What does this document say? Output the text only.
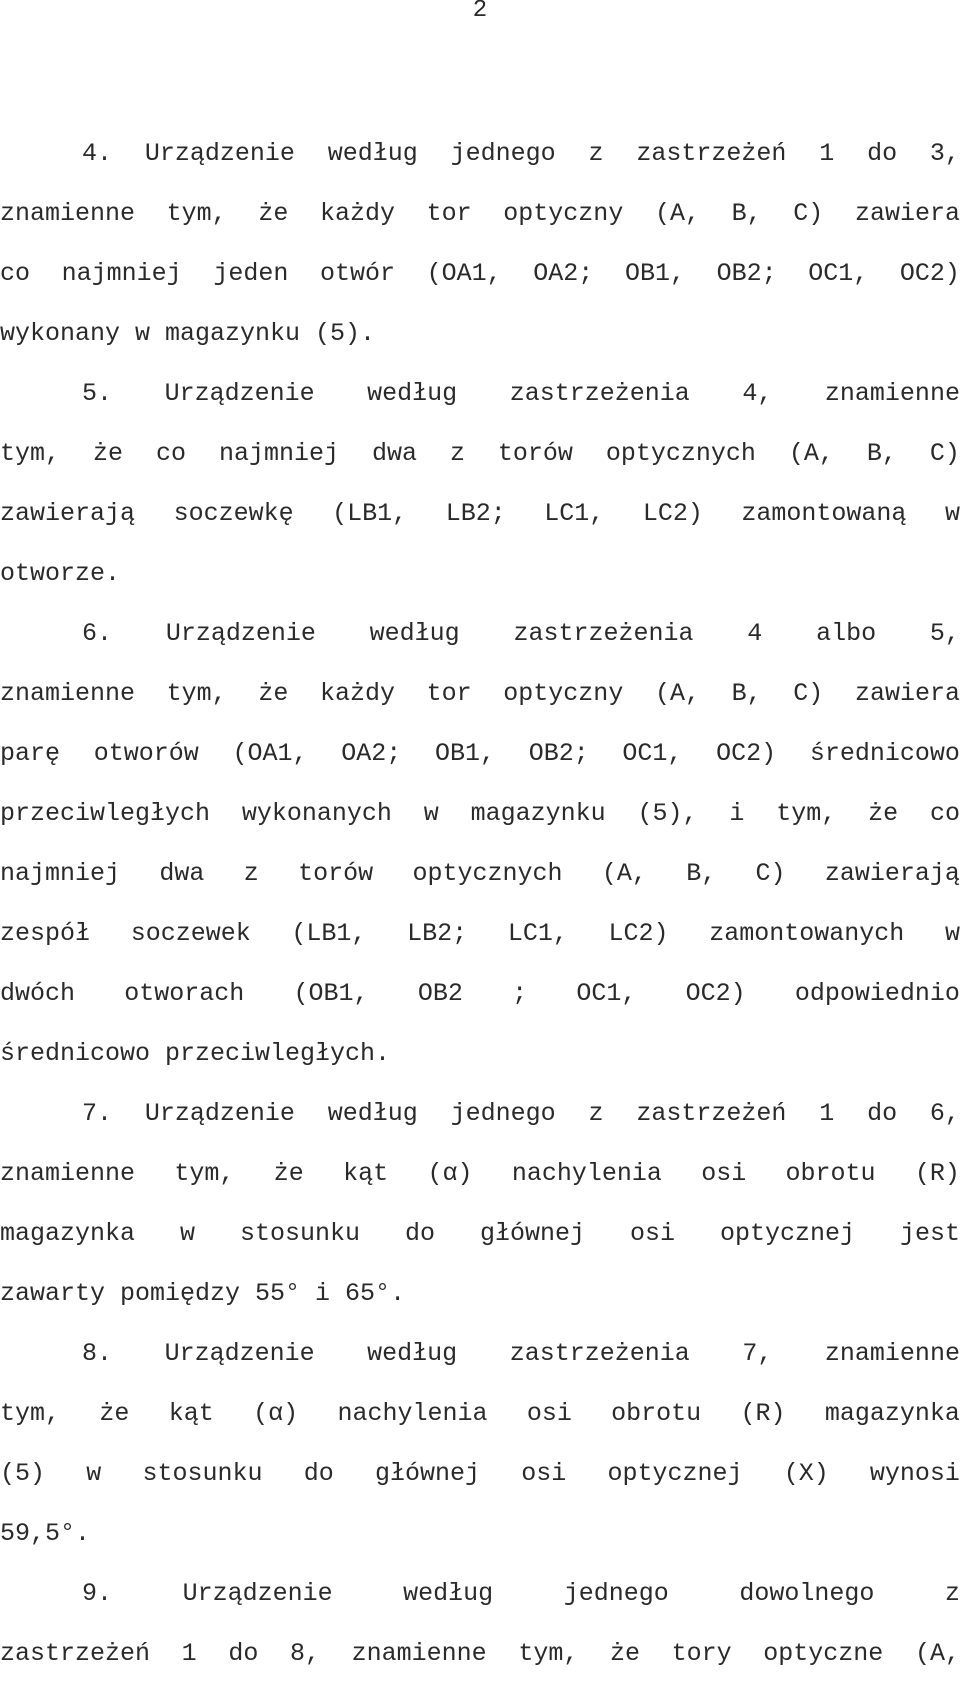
2
4. Urządzenie według jednego z zastrzeżeń 1 do 3,
znamienne tym, że każdy tor optyczny (A, B, C) zawiera
co najmniej jeden otwór (OA1, OA2; OB1, OB2; OC1, OC2)
wykonany w magazynku (5).
5. Urządzenie według zastrzeżenia 4, znamienne
tym, że co najmniej dwa z torów optycznych (A, B, C)
zawierają soczewkę (LB1, LB2; LC1, LC2) zamontowaną w
otworze.
6. Urządzenie według zastrzeżenia 4 albo 5,
znamienne tym, że każdy tor optyczny (A, B, C) zawiera
parę otworów (OA1, OA2; OB1, OB2; OC1, OC2) średnicowo
przeciwległych wykonanych w magazynku (5), i tym, że co
najmniej dwa z torów optycznych (A, B, C) zawierają
zespół soczewek (LB1, LB2; LC1, LC2) zamontowanych w
dwóch otworach (OB1, OB2 ; OC1, OC2) odpowiednio
średnicowo przeciwległych.
7. Urządzenie według jednego z zastrzeżeń 1 do 6,
znamienne tym, że kąt (α) nachylenia osi obrotu (R)
magazynka w stosunku do głównej osi optycznej jest
zawarty pomiędzy 55° i 65°.
8. Urządzenie według zastrzeżenia 7, znamienne
tym, że kąt (α) nachylenia osi obrotu (R) magazynka
(5) w stosunku do głównej osi optycznej (X) wynosi
59,5°.
9.	Urządzenie	według	jednego	dowolnego	z
zastrzeżeń 1 do 8, znamienne tym, że tory optyczne (A,
